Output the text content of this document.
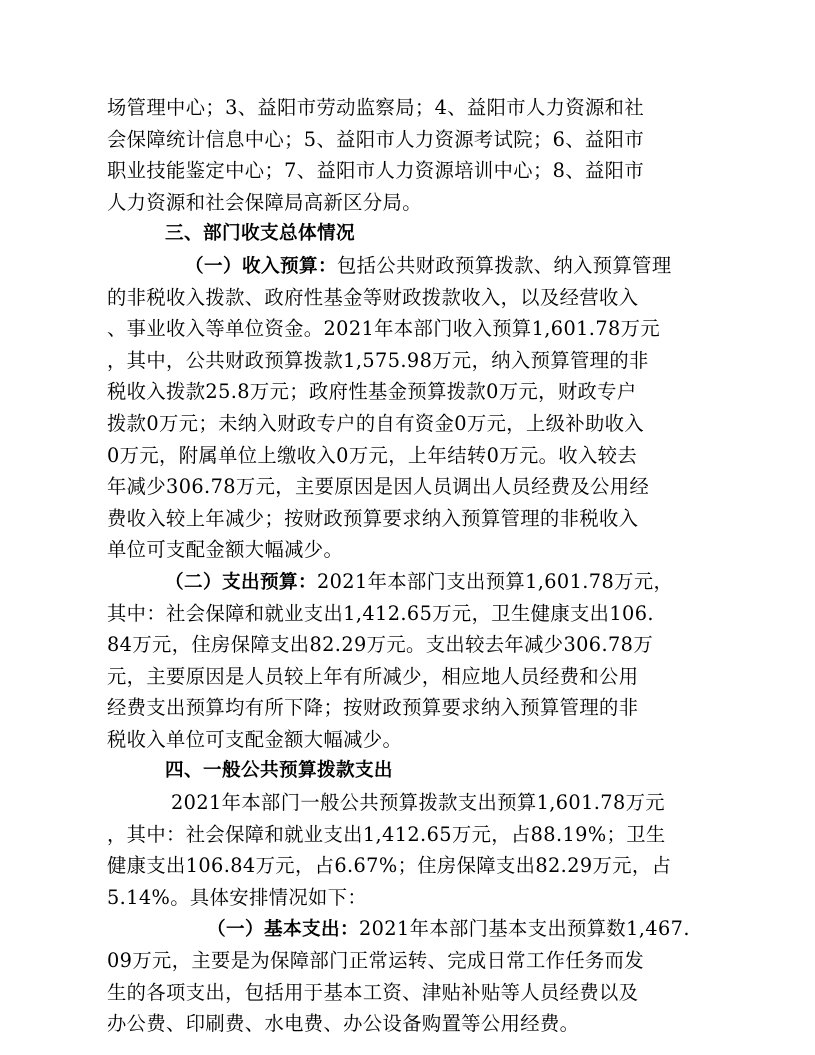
场管理中心；3、益阳市劳动监察局；4、益阳市人力资源和社
会保障统计信息中心；5、益阳市人力资源考试院；6、益阳市
职业技能鉴定中心；7、益阳市人力资源培训中心；8、益阳市
人力资源和社会保障局高新区分局。
三、部门收支总体情况
（一）收入预算：包括公共财政预算拨款、纳入预算管理
的非税收入拨款、政府性基金等财政拨款收入，以及经营收入
、事业收入等单位资金。2021年本部门收入预算1,601.78万元
，其中，公共财政预算拨款1,575.98万元，纳入预算管理的非
税收入拨款25.8万元；政府性基金预算拨款0万元，财政专户
拨款0万元；未纳入财政专户的自有资金0万元，上级补助收入
0万元，附属单位上缴收入0万元，上年结转0万元。收入较去
年减少306.78万元，主要原因是因人员调出人员经费及公用经
费收入较上年减少；按财政预算要求纳入预算管理的非税收入
单位可支配金额大幅减少。
（二）支出预算：2021年本部门支出预算1,601.78万元，
其中：社会保障和就业支出1,412.65万元，卫生健康支出106.
84万元，住房保障支出82.29万元。支出较去年减少306.78万
元，主要原因是人员较上年有所减少，相应地人员经费和公用
经费支出预算均有所下降；按财政预算要求纳入预算管理的非
税收入单位可支配金额大幅减少。
四、一般公共预算拨款支出
2021年本部门一般公共预算拨款支出预算1,601.78万元
，其中：社会保障和就业支出1,412.65万元，占88.19%；卫生
健康支出106.84万元，占6.67%；住房保障支出82.29万元，占
5.14%。具体安排情况如下：
（一）基本支出：2021年本部门基本支出预算数1,467.
09万元，主要是为保障部门正常运转、完成日常工作任务而发
生的各项支出，包括用于基本工资、津贴补贴等人员经费以及
办公费、印刷费、水电费、办公设备购置等公用经费。
